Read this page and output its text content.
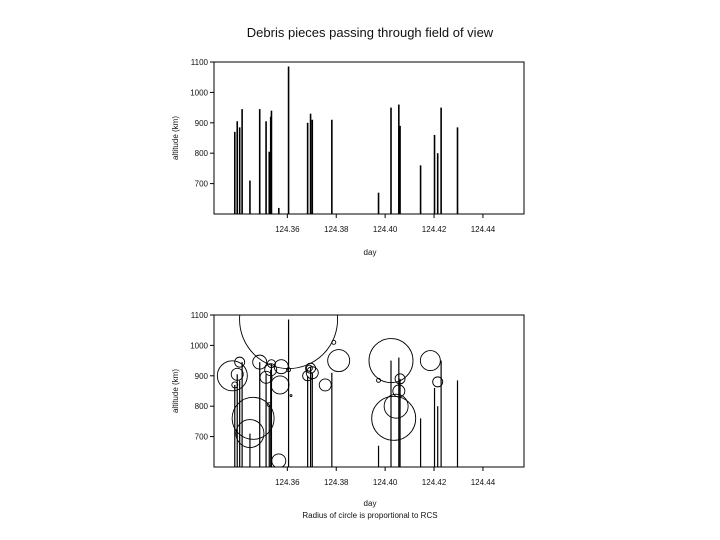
Debris pieces passing through field of view
700
800
900
1000
1100
124.36	124.38	124.40	124.42	124.44
day
altitude (km)
700
800
900
1000
1100
124.36	124.38	124.40	124.42	124.44
day
Radius of circle is proportional to RCS
altitude (km)
